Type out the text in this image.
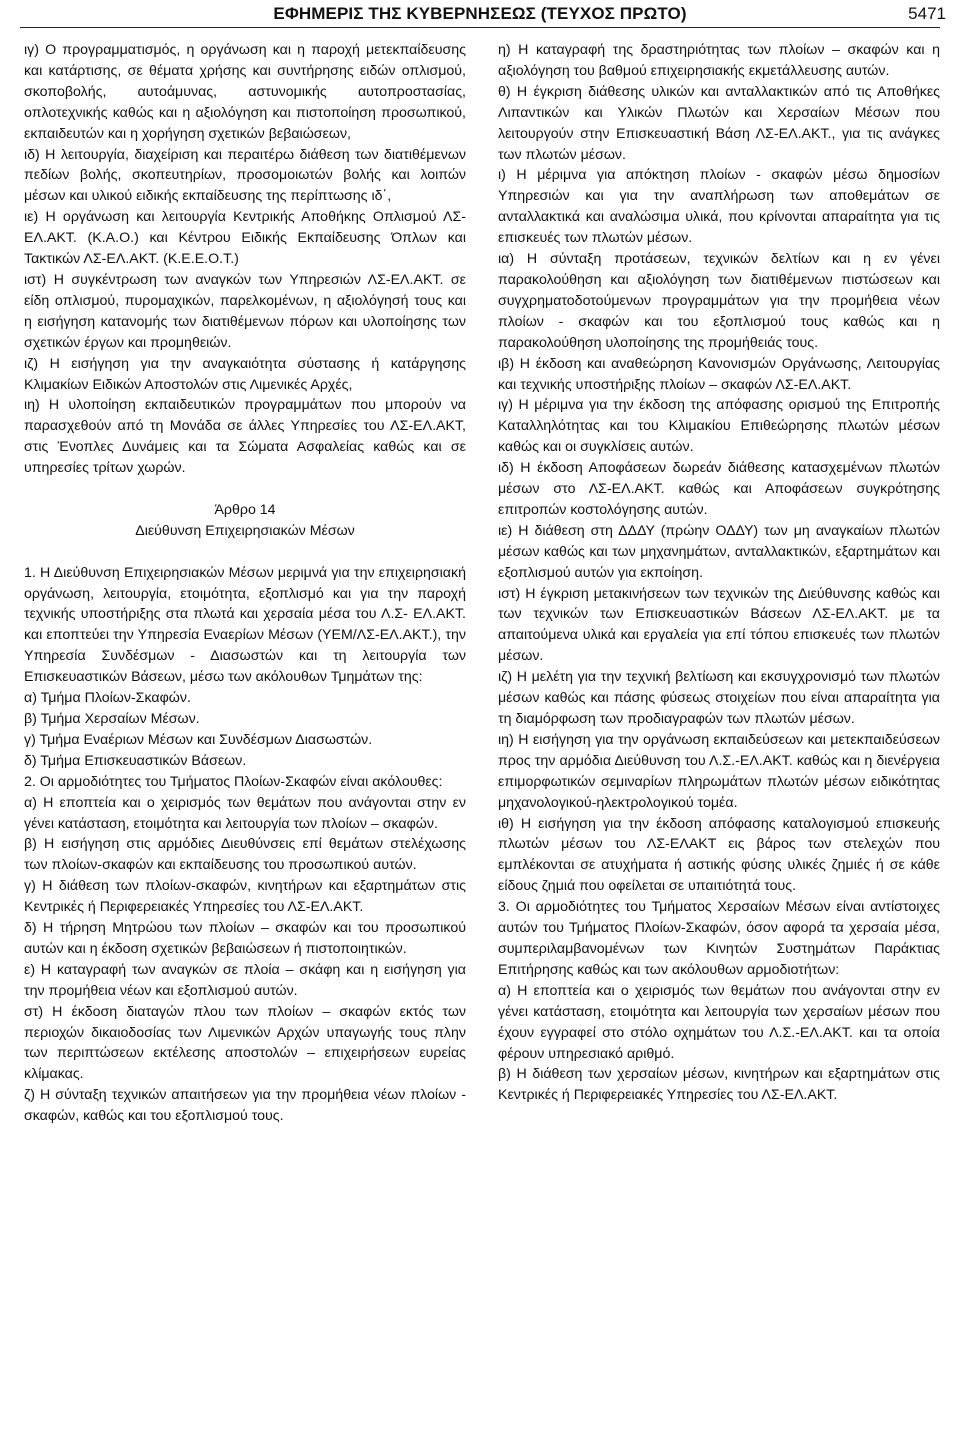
ΕΦΗΜΕΡΙΣ ΤΗΣ ΚΥΒΕΡΝΗΣΕΩΣ (ΤΕΥΧΟΣ ΠΡΩΤΟ)	5471

ιγ) Ο προγραμματισμός, η οργάνωση και η παροχή μετεκπαίδευσης και κατάρτισης, σε θέματα χρήσης και συντήρησης ειδών οπλισμού, σκοποβολής, αυτοάμυνας, αστυνομικής αυτοπροστασίας, οπλοτεχνικής καθώς και η αξιολόγηση και πιστοποίηση προσωπικού, εκπαιδευτών και η χορήγηση σχετικών βεβαιώσεων,

ιδ) Η λειτουργία, διαχείριση και περαιτέρω διάθεση των διατιθέμενων πεδίων βολής, σκοπευτηρίων, προσομοιωτών βολής και λοιπών μέσων και υλικού ειδικής εκπαίδευσης της περίπτωσης ιδ΄,

ιε) Η οργάνωση και λειτουργία Κεντρικής Αποθήκης Οπλισμού ΛΣ-ΕΛ.ΑΚΤ. (Κ.Α.Ο.) και Κέντρου Ειδικής Εκπαίδευσης Όπλων και Τακτικών ΛΣ-ΕΛ.ΑΚΤ. (Κ.Ε.Ε.Ο.Τ.)

ιστ) Η συγκέντρωση των αναγκών των Υπηρεσιών ΛΣ-ΕΛ.ΑΚΤ. σε είδη οπλισμού, πυρομαχικών, παρελκομένων, η αξιολόγησή τους και η εισήγηση κατανομής των διατιθέμενων πόρων και υλοποίησης των σχετικών έργων και προμηθειών.

ιζ) Η εισήγηση για την αναγκαιότητα σύστασης ή κατάργησης Κλιμακίων Ειδικών Αποστολών στις Λιμενικές Αρχές,

ιη) Η υλοποίηση εκπαιδευτικών προγραμμάτων που μπορούν να παρασχεθούν από τη Μονάδα σε άλλες Υπηρεσίες του ΛΣ-ΕΛ.ΑΚΤ, στις Ένοπλες Δυνάμεις και τα Σώματα Ασφαλείας καθώς και σε υπηρεσίες τρίτων χωρών.

Άρθρο 14

Διεύθυνση Επιχειρησιακών Μέσων

1. Η Διεύθυνση Επιχειρησιακών Μέσων μεριμνά για την επιχειρησιακή οργάνωση, λειτουργία, ετοιμότητα, εξοπλισμό και για την παροχή τεχνικής υποστήριξης στα πλωτά και χερσαία μέσα του Λ.Σ- ΕΛ.ΑΚΤ. και εποπτεύει την Υπηρεσία Εναερίων Μέσων (ΥΕΜ/ΛΣ-ΕΛ.ΑΚΤ.), την Υπηρεσία Συνδέσμων - Διασωστών και τη λειτουργία των Επισκευαστικών Βάσεων, μέσω των ακόλουθων Τμημάτων της:

α) Τμήμα Πλοίων-Σκαφών.

β) Τμήμα Χερσαίων Μέσων.

γ) Τμήμα Εναέριων Μέσων και Συνδέσμων Διασωστών.

δ) Τμήμα Επισκευαστικών Βάσεων.

2. Οι αρμοδιότητες του Τμήματος Πλοίων-Σκαφών είναι ακόλουθες:

α) Η εποπτεία και ο χειρισμός των θεμάτων που ανάγονται στην εν γένει κατάσταση, ετοιμότητα και λειτουργία των πλοίων – σκαφών.

β) Η εισήγηση στις αρμόδιες Διευθύνσεις επί θεμάτων στελέχωσης των πλοίων-σκαφών και εκπαίδευσης του προσωπικού αυτών.

γ) Η διάθεση των πλοίων-σκαφών, κινητήρων και εξαρτημάτων στις Κεντρικές ή Περιφερειακές Υπηρεσίες του ΛΣ-ΕΛ.ΑΚΤ.

δ) Η τήρηση Μητρώου των πλοίων – σκαφών και του προσωπικού αυτών και η έκδοση σχετικών βεβαιώσεων ή πιστοποιητικών.

ε) Η καταγραφή των αναγκών σε πλοία – σκάφη και η εισήγηση για την προμήθεια νέων και εξοπλισμού αυτών.

στ) Η έκδοση διαταγών πλου των πλοίων – σκαφών εκτός των περιοχών δικαιοδοσίας των Λιμενικών Αρχών υπαγωγής τους πλην των περιπτώσεων εκτέλεσης αποστολών – επιχειρήσεων ευρείας κλίμακας.

ζ) Η σύνταξη τεχνικών απαιτήσεων για την προμήθεια νέων πλοίων - σκαφών, καθώς και του εξοπλισμού τους.

η) Η καταγραφή της δραστηριότητας των πλοίων – σκαφών και η αξιολόγηση του βαθμού επιχειρησιακής εκμετάλλευσης αυτών.

θ) Η έγκριση διάθεσης υλικών και ανταλλακτικών από τις Αποθήκες Λιπαντικών και Υλικών Πλωτών και Χερσαίων Μέσων που λειτουργούν στην Επισκευαστική Βάση ΛΣ-ΕΛ.ΑΚΤ., για τις ανάγκες των πλωτών μέσων.

ι) Η μέριμνα για απόκτηση πλοίων - σκαφών μέσω δημοσίων Υπηρεσιών και για την αναπλήρωση των αποθεμάτων σε ανταλλακτικά και αναλώσιμα υλικά, που κρίνονται απαραίτητα για τις επισκευές των πλωτών μέσων.

ια) Η σύνταξη προτάσεων, τεχνικών δελτίων και η εν γένει παρακολούθηση και αξιολόγηση των διατιθέμενων πιστώσεων και συγχρηματοδοτούμενων προγραμμάτων για την προμήθεια νέων πλοίων - σκαφών και του εξοπλισμού τους καθώς και η παρακολούθηση υλοποίησης της προμήθειάς τους.

ιβ) Η έκδοση και αναθεώρηση Κανονισμών Οργάνωσης, Λειτουργίας και τεχνικής υποστήριξης πλοίων – σκαφών ΛΣ-ΕΛ.ΑΚΤ.

ιγ) Η μέριμνα για την έκδοση της απόφασης ορισμού της Επιτροπής Καταλληλότητας και του Κλιμακίου Επιθεώρησης πλωτών μέσων καθώς και οι συγκλίσεις αυτών.

ιδ) Η έκδοση Αποφάσεων δωρεάν διάθεσης κατασχεμένων πλωτών μέσων στο ΛΣ-ΕΛ.ΑΚΤ. καθώς και Αποφάσεων συγκρότησης επιτροπών κοστολόγησης αυτών.

ιε) Η διάθεση στη ΔΔΔΥ (πρώην ΟΔΔΥ) των μη αναγκαίων πλωτών μέσων καθώς και των μηχανημάτων, ανταλλακτικών, εξαρτημάτων και εξοπλισμού αυτών για εκποίηση.

ιστ) Η έγκριση μετακινήσεων των τεχνικών της Διεύθυνσης καθώς και των τεχνικών των Επισκευαστικών Βάσεων ΛΣ-ΕΛ.ΑΚΤ. με τα απαιτούμενα υλικά και εργαλεία για επί τόπου επισκευές των πλωτών μέσων.

ιζ) Η μελέτη για την τεχνική βελτίωση και εκσυγχρονισμό των πλωτών μέσων καθώς και πάσης φύσεως στοιχείων που είναι απαραίτητα για τη διαμόρφωση των προδιαγραφών των πλωτών μέσων.

ιη) Η εισήγηση για την οργάνωση εκπαιδεύσεων και μετεκπαιδεύσεων προς την αρμόδια Διεύθυνση του Λ.Σ.-ΕΛ.ΑΚΤ. καθώς και η διενέργεια επιμορφωτικών σεμιναρίων πληρωμάτων πλωτών μέσων ειδικότητας μηχανολογικού-ηλεκτρολογικού τομέα.

ιθ) Η εισήγηση για την έκδοση απόφασης καταλογισμού επισκευής πλωτών μέσων του ΛΣ-ΕΛΑΚΤ εις βάρος των στελεχών που εμπλέκονται σε ατυχήματα ή αστικής φύσης υλικές ζημιές ή σε κάθε είδους ζημιά που οφείλεται σε υπαιτιότητά τους.

3. Οι αρμοδιότητες του Τμήματος Χερσαίων Μέσων είναι αντίστοιχες αυτών του Τμήματος Πλοίων-Σκαφών, όσον αφορά τα χερσαία μέσα, συμπεριλαμβανομένων των Κινητών Συστημάτων Παράκτιας Επιτήρησης καθώς και των ακόλουθων αρμοδιοτήτων:

α) Η εποπτεία και ο χειρισμός των θεμάτων που ανάγονται στην εν γένει κατάσταση, ετοιμότητα και λειτουργία των χερσαίων μέσων που έχουν εγγραφεί στο στόλο οχημάτων του Λ.Σ.-ΕΛ.ΑΚΤ. και τα οποία φέρουν υπηρεσιακό αριθμό.

β) Η διάθεση των χερσαίων μέσων, κινητήρων και εξαρτημάτων στις Κεντρικές ή Περιφερειακές Υπηρεσίες του ΛΣ-ΕΛ.ΑΚΤ.
